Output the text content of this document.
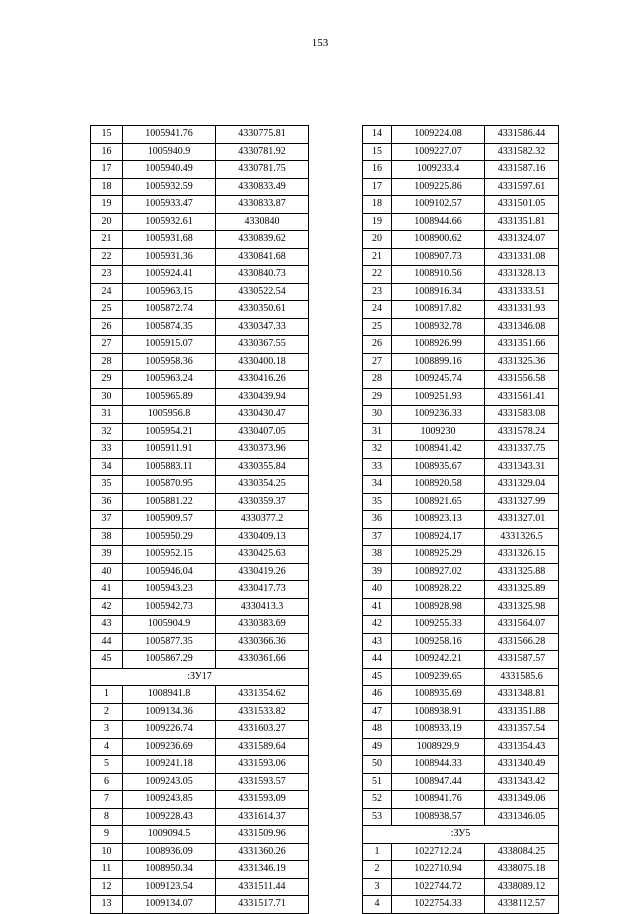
153
15	1005941.76	4330775.81
16	1005940.9	4330781.92
17	1005940.49	4330781.75
18	1005932.59	4330833.49
19	1005933.47	4330833.87
20	1005932.61	4330840
21	1005931.68	4330839.62
22	1005931.36	4330841.68
23	1005924.41	4330840.73
24	1005963.15	4330522.54
25	1005872.74	4330350.61
26	1005874.35	4330347.33
27	1005915.07	4330367.55
28	1005958.36	4330400.18
29	1005963.24	4330416.26
30	1005965.89	4330439.94
31	1005956.8	4330430.47
32	1005954.21	4330407.05
33	1005911.91	4330373.96
34	1005883.11	4330355.84
35	1005870.95	4330354.25
36	1005881.22	4330359.37
37	1005909.57	4330377.2
38	1005950.29	4330409.13
39	1005952.15	4330425.63
40	1005946.04	4330419.26
41	1005943.23	4330417.73
42	1005942.73	4330413.3
43	1005904.9	4330383.69
44	1005877.35	4330366.36
45	1005867.29	4330361.66
:ЗУ17		
1	1008941.8	4331354.62
2	1009134.36	4331533.82
3	1009226.74	4331603.27
4	1009236.69	4331589.64
5	1009241.18	4331593.06
6	1009243.05	4331593.57
7	1009243.85	4331593.09
8	1009228.43	4331614.37
9	1009094.5	4331509.96
10	1008936.09	4331360.26
11	1008950.34	4331346.19
12	1009123.54	4331511.44
13	1009134.07	4331517.71
14	1009224.08	4331586.44
15	1009227.07	4331582.32
16	1009233.4	4331587.16
17	1009225.86	4331597.61
18	1009102.57	4331501.05
19	1008944.66	4331351.81
20	1008900.62	4331324.07
21	1008907.73	4331331.08
22	1008910.56	4331328.13
23	1008916.34	4331333.51
24	1008917.82	4331331.93
25	1008932.78	4331346.08
26	1008926.99	4331351.66
27	1008899.16	4331325.36
28	1009245.74	4331556.58
29	1009251.93	4331561.41
30	1009236.33	4331583.08
31	1009230	4331578.24
32	1008941.42	4331337.75
33	1008935.67	4331343.31
34	1008920.58	4331329.04
35	1008921.65	4331327.99
36	1008923.13	4331327.01
37	1008924.17	4331326.5
38	1008925.29	4331326.15
39	1008927.02	4331325.88
40	1008928.22	4331325.89
41	1008928.98	4331325.98
42	1009255.33	4331564.07
43	1009258.16	4331566.28
44	1009242.21	4331587.57
45	1009239.65	4331585.6
46	1008935.69	4331348.81
47	1008938.91	4331351.88
48	1008933.19	4331357.54
49	1008929.9	4331354.43
50	1008944.33	4331340.49
51	1008947.44	4331343.42
52	1008941.76	4331349.06
53	1008938.57	4331346.05
:ЗУ5		
1	1022712.24	4338084.25
2	1022710.94	4338075.18
3	1022744.72	4338089.12
4	1022754.33	4338112.57
